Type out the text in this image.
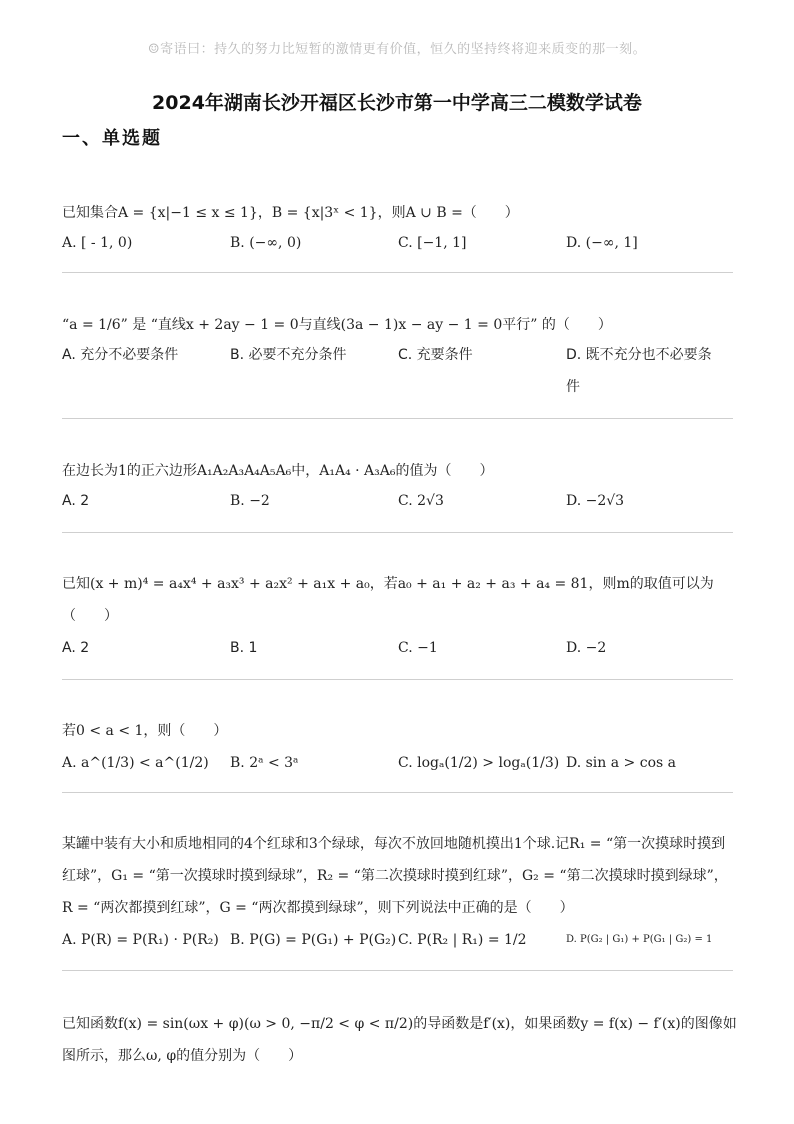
☺寄语曰：持久的努力比短暂的激情更有价值，恒久的坚持终将迎来质变的那一刻。
2024年湖南长沙开福区长沙市第一中学高三二模数学试卷
一、单选题
已知集合A = {x|−1 ≤ x ≤ 1}，B = {x|3ˣ < 1}，则A ∪ B =（　　）
A. [ - 1, 0)	B. (−∞, 0)	C. [−1, 1]	D. (−∞, 1]
“a = 1/6” 是 “直线x + 2ay − 1 = 0与直线(3a − 1)x − ay − 1 = 0平行” 的（　　）
A. 充分不必要条件	B. 必要不充分条件	C. 充要条件	D. 既不充分也不必要条件
在边长为1的正六边形A₁A₂A₃A₄A₅A₆中，A₁A₄ · A₃A₆的值为（　　）
A. 2	B. −2	C. 2√3	D. −2√3
已知(x + m)⁴ = a₄x⁴ + a₃x³ + a₂x² + a₁x + a₀，若a₀ + a₁ + a₂ + a₃ + a₄ = 81，则m的取值可以为（　　）
A. 2	B. 1	C. −1	D. −2
若0 < a < 1，则（　　）
A. a^(1/3) < a^(1/2) B. 2ᵃ < 3ᵃ	C. logₐ(1/2) > logₐ(1/3) D. sin a > cos a
某罐中装有大小和质地相同的4个红球和3个绿球，每次不放回地随机摸出1个球.记R₁ = “第一次摸球时摸到红球”，G₁ = “第一次摸球时摸到绿球”，R₂ = “第二次摸球时摸到红球”，G₂ = “第二次摸球时摸到绿球”，R = “两次都摸到红球”，G = “两次都摸到绿球”，则下列说法中正确的是（　　）
A. P(R) = P(R₁) · P(R₂) B. P(G) = P(G₁) + P(G₂) C. P(R₂ | R₁) = 1/2	D. P(G₂ | G₁) + P(G₁ | G₂) = 1
已知函数f(x) = sin(ωx + φ)(ω > 0, −π/2 < φ < π/2)的导函数是f′(x)，如果函数y = f(x) − f′(x)的图像如图所示，那么ω, φ的值分别为（　　）
